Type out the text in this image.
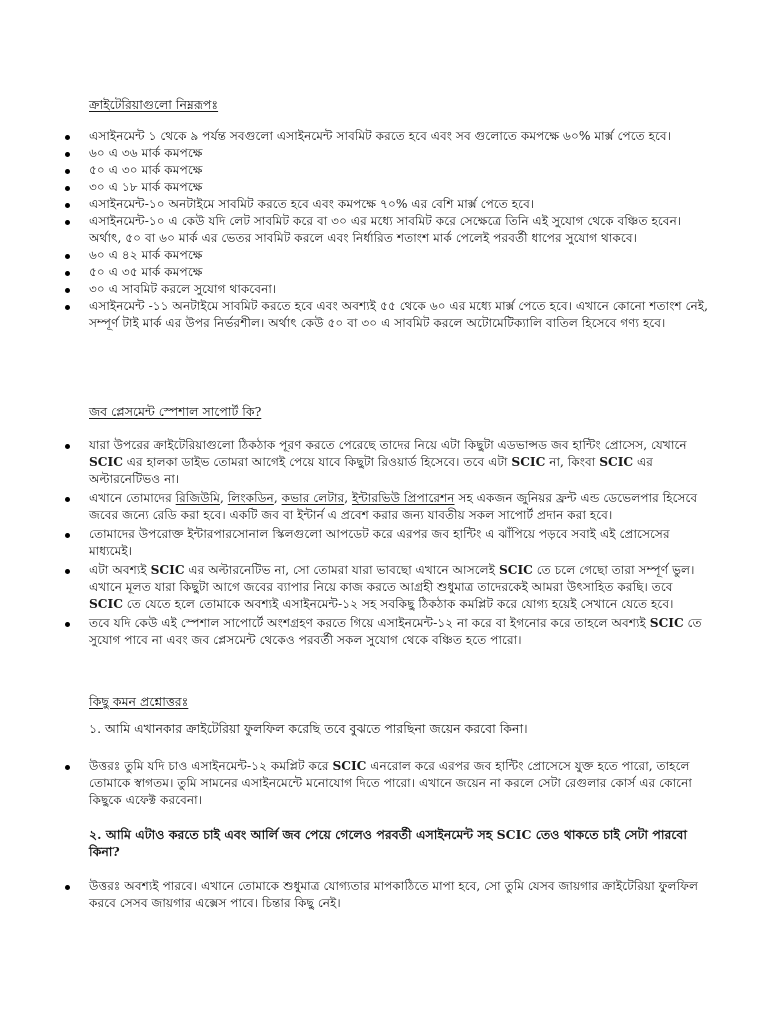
ক্রাইটেরিয়াগুলো নিম্নরূপঃ
এসাইনমেন্ট ১ থেকে ৯ পর্যন্ত সবগুলো এসাইনমেন্ট সাবমিট করতে হবে এবং সব গুলোতে কমপক্ষে ৬০% মার্ক্স পেতে হবে।
৬০ এ ৩৬ মার্ক কমপক্ষে
৫০ এ ৩০ মার্ক কমপক্ষে
৩০ এ ১৮ মার্ক কমপক্ষে
এসাইনমেন্ট-১০ অনটাইমে সাবমিট করতে হবে এবং কমপক্ষে ৭০% এর বেশি মার্ক্স পেতে হবে।
এসাইনমেন্ট-১০ এ কেউ যদি লেট সাবমিট করে বা ৩০ এর মধ্যে সাবমিট করে সেক্ষেত্রে তিনি এই সুযোগ থেকে বঞ্চিত হবেন। অর্থাৎ, ৫০ বা ৬০ মার্ক এর ভেতর সাবমিট করলে এবং নির্ধারিত শতাংশ মার্ক পেলেই পরবর্তী ধাপের সুযোগ থাকবে।
৬০ এ ৪২ মার্ক কমপক্ষে
৫০ এ ৩৫ মার্ক কমপক্ষে
৩০ এ সাবমিট করলে সুযোগ থাকবেনা।
এসাইনমেন্ট -১১ অনটাইমে সাবমিট করতে হবে এবং অবশ্যই ৫৫ থেকে ৬০ এর মধ্যে মার্ক্স পেতে হবে। এখানে কোনো শতাংশ নেই, সম্পূর্ণ টাই মার্ক এর উপর নির্ভরশীল। অর্থাৎ কেউ ৫০ বা ৩০ এ সাবমিট করলে অটোমেটিক্যালি বাতিল হিসেবে গণ্য হবে।
জব প্লেসমেন্ট স্পেশাল সাপোর্ট কি?
যারা উপরের ক্রাইটেরিয়াগুলো ঠিকঠাক পূরণ করতে পেরেছে তাদের নিয়ে এটা কিছুটা এডভান্সড জব হান্টিং প্রোসেস, যেখানে SCIC এর হালকা ডাইভ তোমরা আগেই পেয়ে যাবে কিছুটা রিওয়ার্ড হিসেবে। তবে এটা SCIC না, কিংবা SCIC এর অল্টারনেটিভও না।
এখানে তোমাদের রিজিউমি, লিংকডিন, কভার লেটার, ইন্টারভিউ প্রিপারেশন সহ একজন জুনিয়র ফ্রন্ট এন্ড ডেভেলপার হিসেবে জবের জন্যে রেডি করা হবে। একটি জব বা ইন্টার্ন এ প্রবেশ করার জন্য যাবতীয় সকল সাপোর্ট প্রদান করা হবে।
তোমাদের উপরোক্ত ইন্টারপারসোনাল স্কিলগুলো আপডেট করে এরপর জব হান্টিং এ ঝাঁপিয়ে পড়বে সবাই এই প্রোসেসের মাধ্যমেই।
এটা অবশ্যই SCIC এর অল্টারনেটিভ না, সো তোমরা যারা ভাবছো এখানে আসলেই SCIC তে চলে গেছো তারা সম্পূর্ণ ভুল। এখানে মূলত যারা কিছুটা আগে জবের ব্যাপার নিয়ে কাজ করতে আগ্রহী শুধুমাত্র তাদেরকেই আমরা উৎসাহিত করছি। তবে SCIC তে যেতে হলে তোমাকে অবশ্যই এসাইনমেন্ট-১২ সহ সবকিছু ঠিকঠাক কমপ্লিট করে যোগ্য হয়েই সেখানে যেতে হবে।
তবে যদি কেউ এই স্পেশাল সাপোর্টে অংশগ্রহণ করতে গিয়ে এসাইনমেন্ট-১২ না করে বা ইগনোর করে তাহলে অবশ্যই SCIC তে সুযোগ পাবে না এবং জব প্লেসমেন্ট থেকেও পরবর্তী সকল সুযোগ থেকে বঞ্চিত হতে পারো।
কিছু কমন প্রশ্নোত্তরঃ

১. আমি এখানকার ক্রাইটেরিয়া ফুলফিল করেছি তবে বুঝতে পারছিনা জয়েন করবো কিনা।

উত্তরঃ তুমি যদি চাও এসাইনমেন্ট-১২ কমপ্লিট করে SCIC এনরোল করে এরপর জব হান্টিং প্রোসেসে যুক্ত হতে পারো, তাহলে তোমাকে স্বাগতম। তুমি সামনের এসাইনমেন্টে মনোযোগ দিতে পারো। এখানে জয়েন না করলে সেটা রেগুলার কোর্স এর কোনো কিছুকে এফেক্ট করবেনা।

২. আমি এটাও করতে চাই এবং আর্লি জব পেয়ে গেলেও পরবর্তী এসাইনমেন্ট সহ SCIC তেও থাকতে চাই সেটা পারবো কিনা?

উত্তরঃ অবশ্যই পারবে। এখানে তোমাকে শুধুমাত্র যোগ্যতার মাপকাঠিতে মাপা হবে, সো তুমি যেসব জায়গার ক্রাইটেরিয়া ফুলফিল করবে সেসব জায়গার এক্সেস পাবে। চিন্তার কিছু নেই।
